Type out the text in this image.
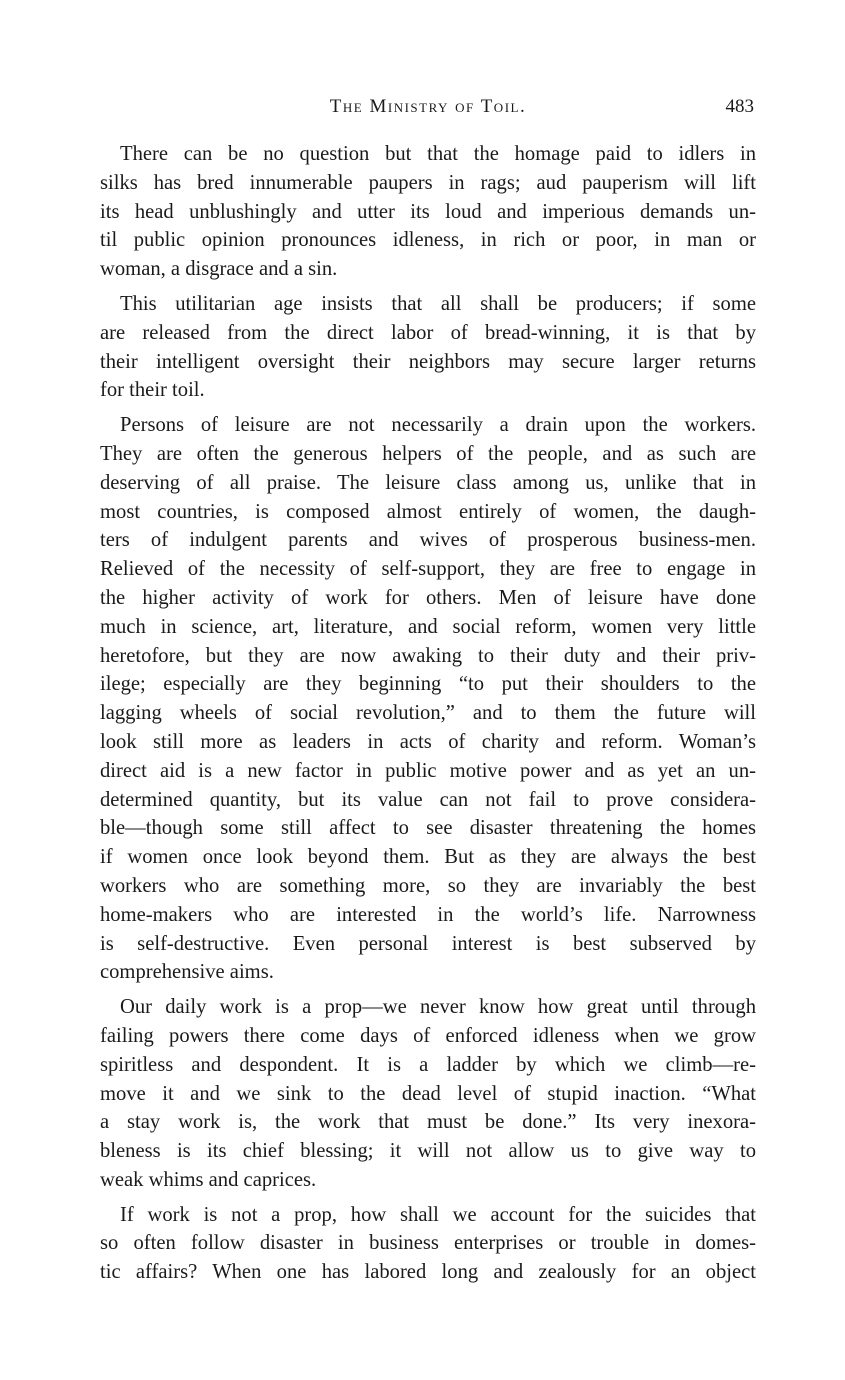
The Ministry of Toil.	483
There can be no question but that the homage paid to idlers in
silks has bred innumerable paupers in rags; aud pauperism will lift
its head unblushingly and utter its loud and imperious demands un-
til public opinion pronounces idleness, in rich or poor, in man or
woman, a disgrace and a sin.
This utilitarian age insists that all shall be producers; if some
are released from the direct labor of bread-winning, it is that by
their intelligent oversight their neighbors may secure larger returns
for their toil.
Persons of leisure are not necessarily a drain upon the workers.
They are often the generous helpers of the people, and as such are
deserving of all praise. The leisure class among us, unlike that in
most countries, is composed almost entirely of women, the daugh-
ters of indulgent parents and wives of prosperous business-men.
Relieved of the necessity of self-support, they are free to engage in
the higher activity of work for others. Men of leisure have done
much in science, art, literature, and social reform, women very little
heretofore, but they are now awaking to their duty and their priv-
ilege; especially are they beginning “to put their shoulders to the
lagging wheels of social revolution,” and to them the future will
look still more as leaders in acts of charity and reform. Woman’s
direct aid is a new factor in public motive power and as yet an un-
determined quantity, but its value can not fail to prove considera-
ble—though some still affect to see disaster threatening the homes
if women once look beyond them. But as they are always the best
workers who are something more, so they are invariably the best
home-makers who are interested in the world’s life. Narrowness
is self-destructive. Even personal interest is best subserved by
comprehensive aims.
Our daily work is a prop—we never know how great until through
failing powers there come days of enforced idleness when we grow
spiritless and despondent. It is a ladder by which we climb—re-
move it and we sink to the dead level of stupid inaction. “What
a stay work is, the work that must be done.” Its very inexora-
bleness is its chief blessing; it will not allow us to give way to
weak whims and caprices.
If work is not a prop, how shall we account for the suicides that
so often follow disaster in business enterprises or trouble in domes-
tic affairs? When one has labored long and zealously for an object
